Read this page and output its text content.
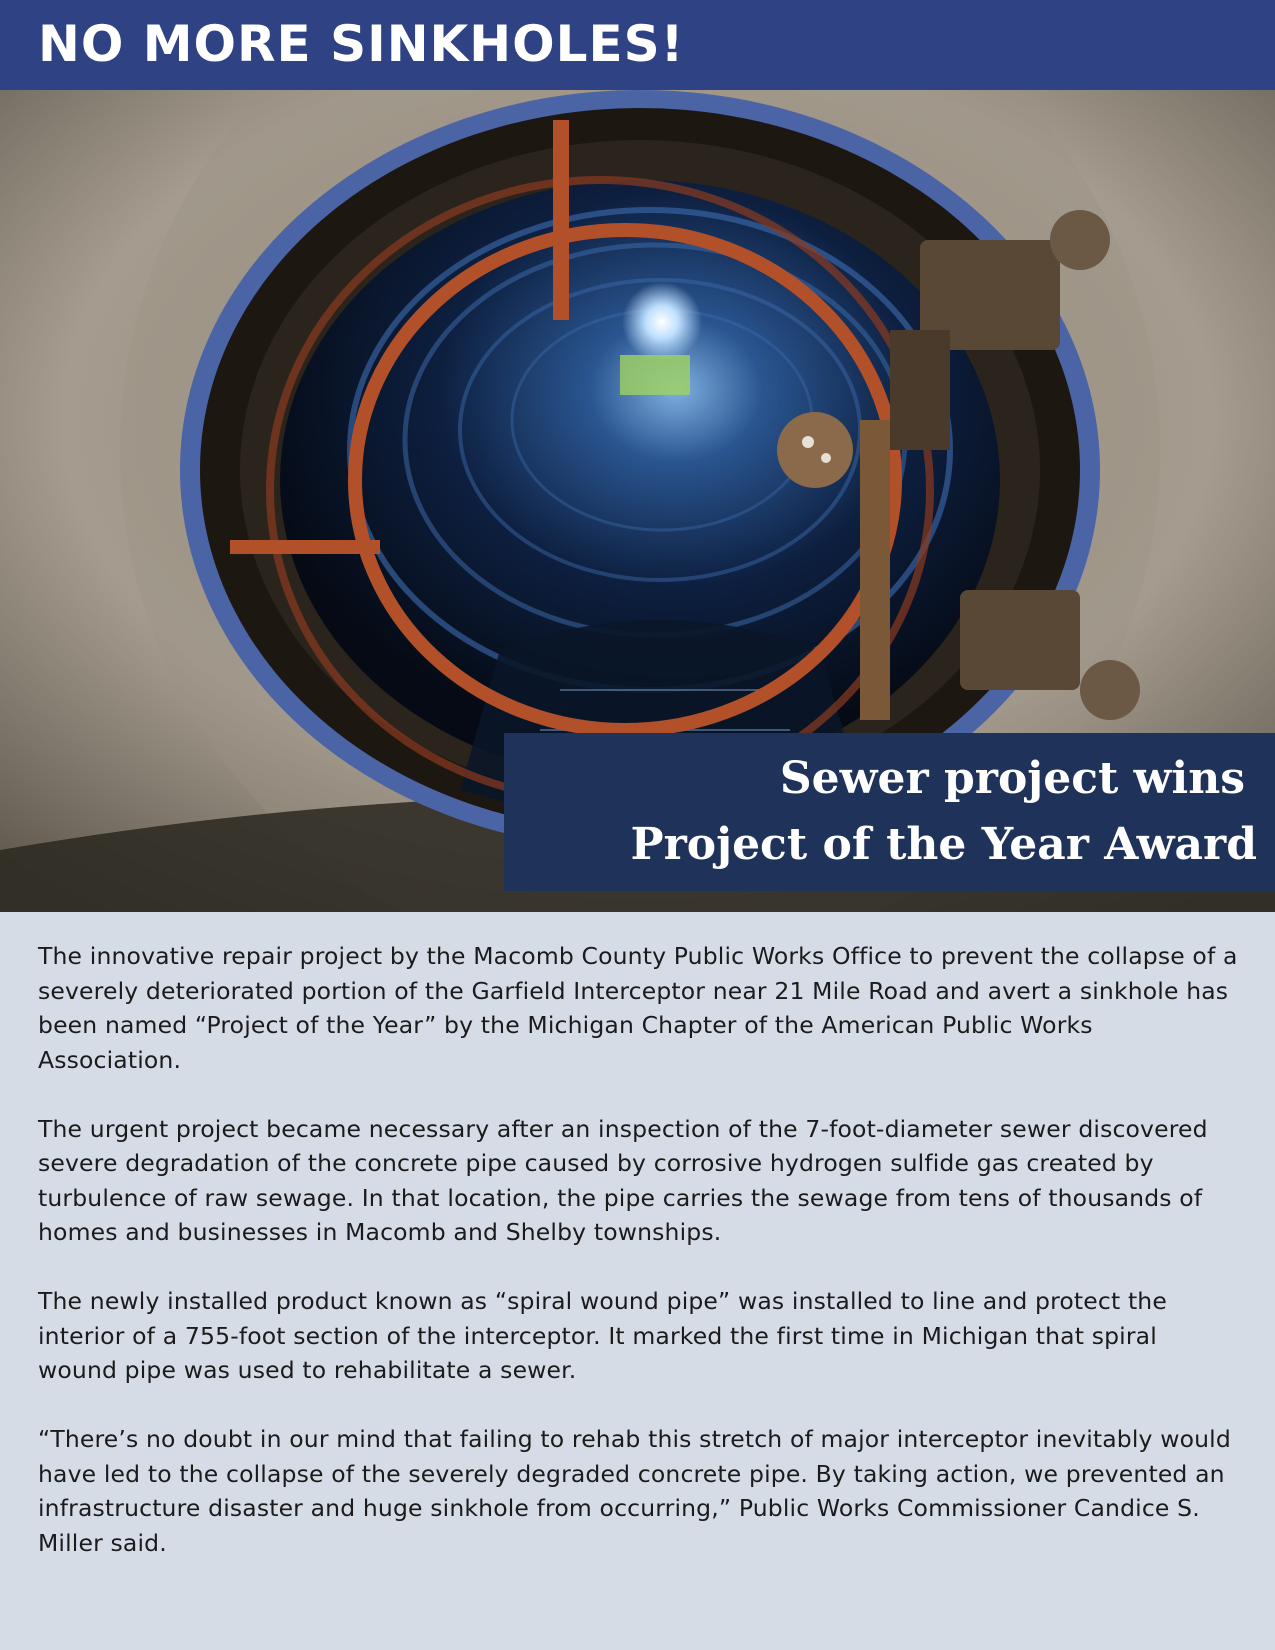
NO MORE SINKHOLES!
Sewer project wins
Project of the Year Award

The innovative repair project by the Macomb County Public Works Office to prevent the collapse of a severely deteriorated portion of the Garfield Interceptor near 21 Mile Road and avert a sinkhole has been named “Project of the Year” by the Michigan Chapter of the American Public Works Association.

The urgent project became necessary after an inspection of the 7-foot-diameter sewer discovered severe degradation of the concrete pipe caused by corrosive hydrogen sulfide gas created by turbulence of raw sewage. In that location, the pipe carries the sewage from tens of thousands of homes and businesses in Macomb and Shelby townships.

The newly installed product known as “spiral wound pipe” was installed to line and protect the interior of a 755-foot section of the interceptor. It marked the first time in Michigan that spiral wound pipe was used to rehabilitate a sewer.

“There’s no doubt in our mind that failing to rehab this stretch of major interceptor inevitably would have led to the collapse of the severely degraded concrete pipe. By taking action, we prevented an infrastructure disaster and huge sinkhole from occurring,” Public Works Commissioner Candice S. Miller said.
